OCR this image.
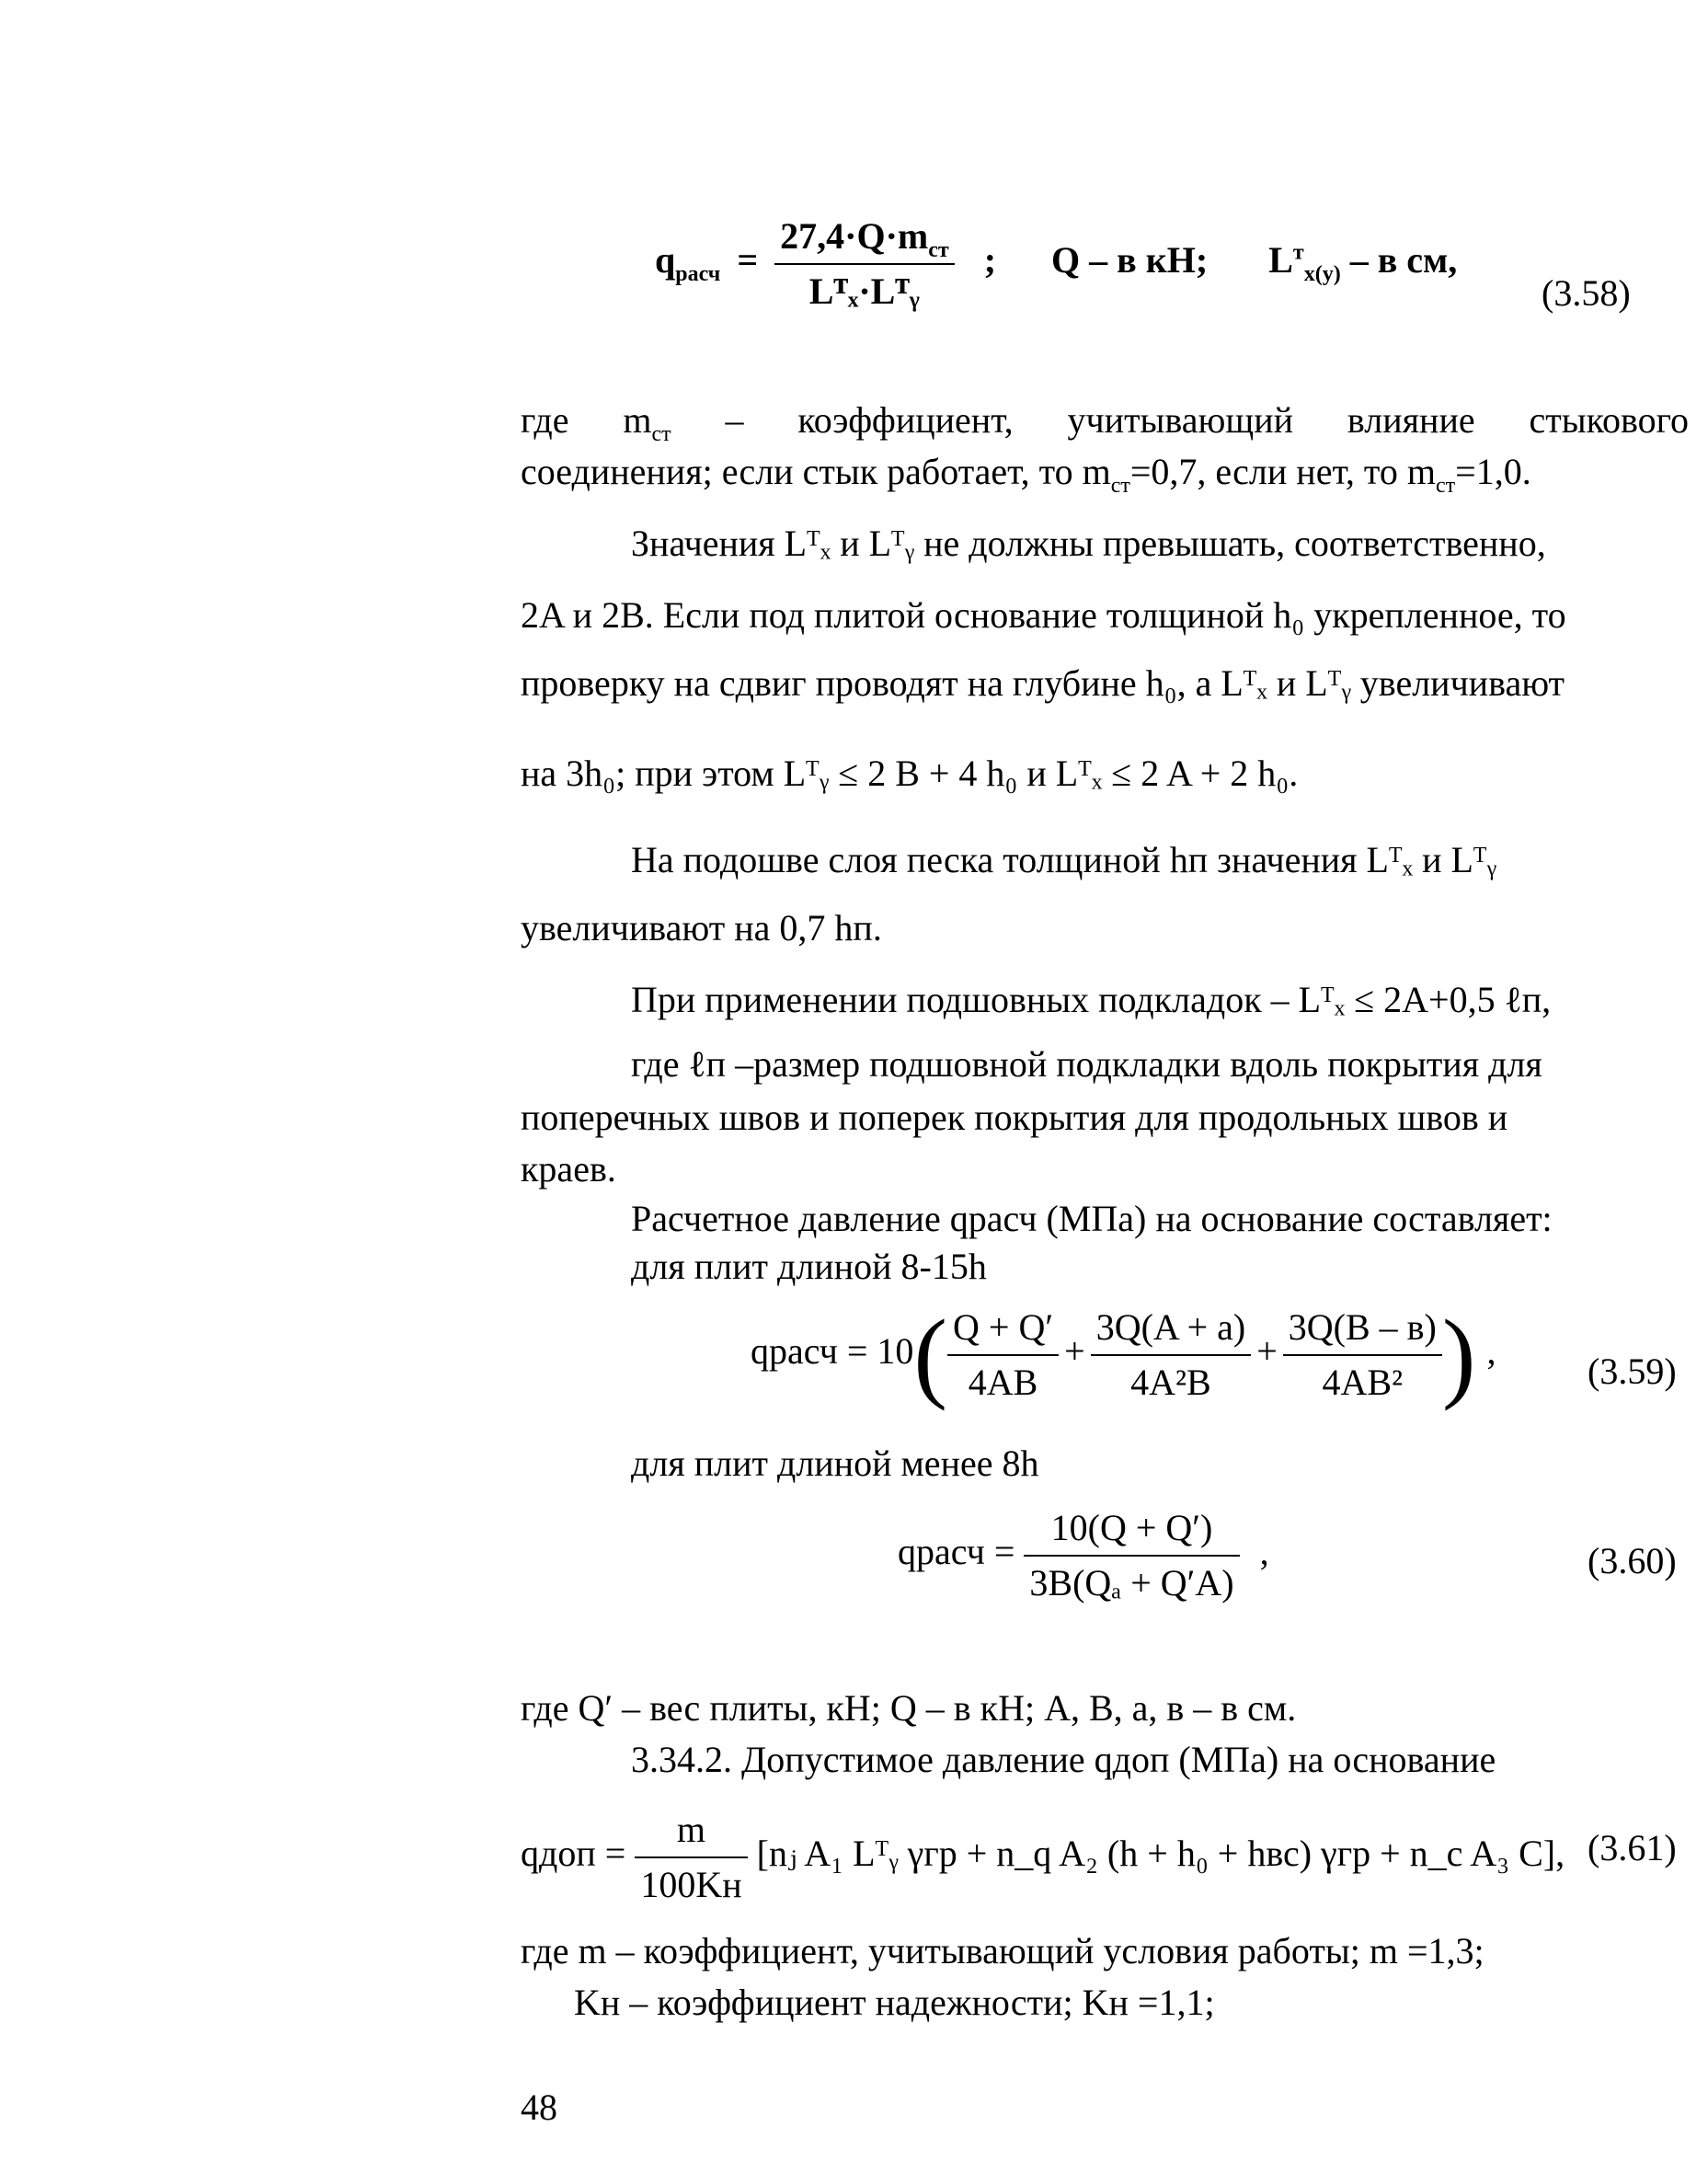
$q_{расч} = \frac{27,4\cdot Q\cdot m_{ст}}{\text{Lᵀₓ·Lᵀᵧ}}$ ; Q – в кН; $L^т_{x(y)}$ – в см,
(3.58)
где $m_{ст}$ – коэффициент, учитывающий влияние стыкового
соединения; если стык работает, то $m_{ст}=0,7$, если нет, то $m_{ст}=1,0$.
Значения Lᵀₓ и Lᵀᵧ не должны превышать, соответственно,
2A и 2B. Если под плитой основание толщиной h₀ укрепленное, то
проверку на сдвиг проводят на глубине h₀, а Lᵀₓ и Lᵀᵧ увеличивают
на 3h₀; при этом Lᵀᵧ ≤ 2 B + 4 h₀ и Lᵀₓ ≤ 2 A + 2 h₀.
На подошве слоя песка толщиной hп значения Lᵀₓ и Lᵀᵧ
увеличивают на 0,7 hп.
При применении подшовных подкладок – Lᵀₓ ≤ 2A+0,5 ℓп,
где ℓп –размер подшовной подкладки вдоль покрытия для
поперечных швов и поперек покрытия для продольных швов и
краев.
Расчетное давление qрасч (МПа) на основание составляет:
для плит длиной 8-15h
qрасч = $10( \frac{Q + Q'}{4AB} + \frac{3Q(A + a)}{\text{4A²B}} + \frac{3Q(B - в)}{\text{4AB²}}$ ) , (3.59)
для плит длиной менее 8h
qрасч = $\frac{10(Q + Q')}{\text{3B(Qₐ + Q′A)}}$ ,	(3.60)
где Q′ – вес плиты, кН; Q – в кН; A, B, a, в – в см.
3.34.2. Допустимое давление qдоп (МПа) на основание
qдоп = $\frac{m}{100Kн}$ [nⱼ A₁ Lᵀᵧ γгр + n_q A₂ (h + h₀ + hвс) γгр + n_c A₃ C], (3.61)
где m – коэффициент, учитывающий условия работы; m =1,3;
Kн – коэффициент надежности; Kн =1,1;
48
